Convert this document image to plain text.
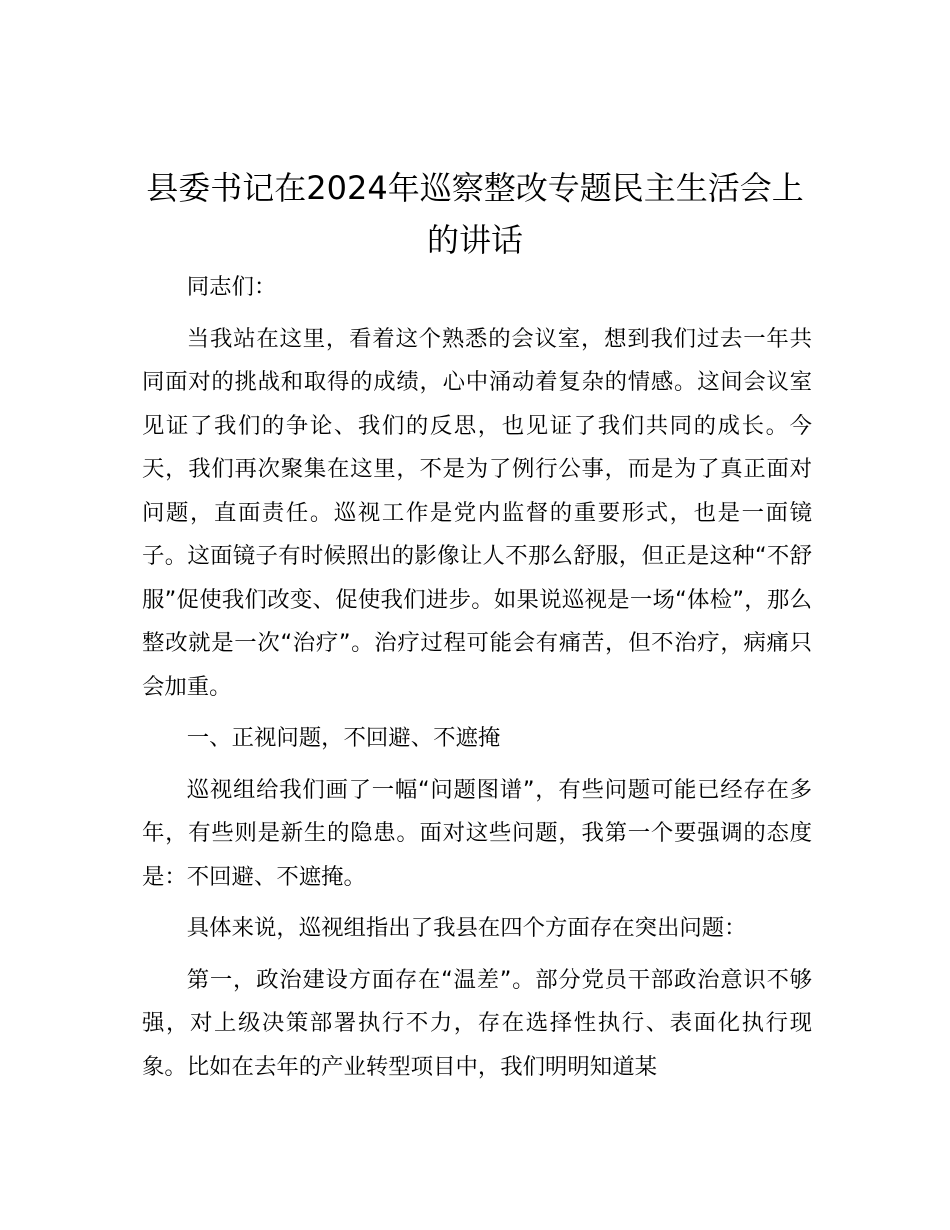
县委书记在2024年巡察整改专题民主生活会上的讲话

同志们：

当我站在这里，看着这个熟悉的会议室，想到我们过去一年共同面对的挑战和取得的成绩，心中涌动着复杂的情感。这间会议室见证了我们的争论、我们的反思，也见证了我们共同的成长。今天，我们再次聚集在这里，不是为了例行公事，而是为了真正面对问题，直面责任。巡视工作是党内监督的重要形式，也是一面镜子。这面镜子有时候照出的影像让人不那么舒服，但正是这种“不舒服”促使我们改变、促使我们进步。如果说巡视是一场“体检”，那么整改就是一次“治疗”。治疗过程可能会有痛苦，但不治疗，病痛只会加重。

一、正视问题，不回避、不遮掩

巡视组给我们画了一幅“问题图谱”，有些问题可能已经存在多年，有些则是新生的隐患。面对这些问题，我第一个要强调的态度是：不回避、不遮掩。

具体来说，巡视组指出了我县在四个方面存在突出问题：

第一，政治建设方面存在“温差”。部分党员干部政治意识不够强，对上级决策部署执行不力，存在选择性执行、表面化执行现象。比如在去年的产业转型项目中，我们明明知道某
